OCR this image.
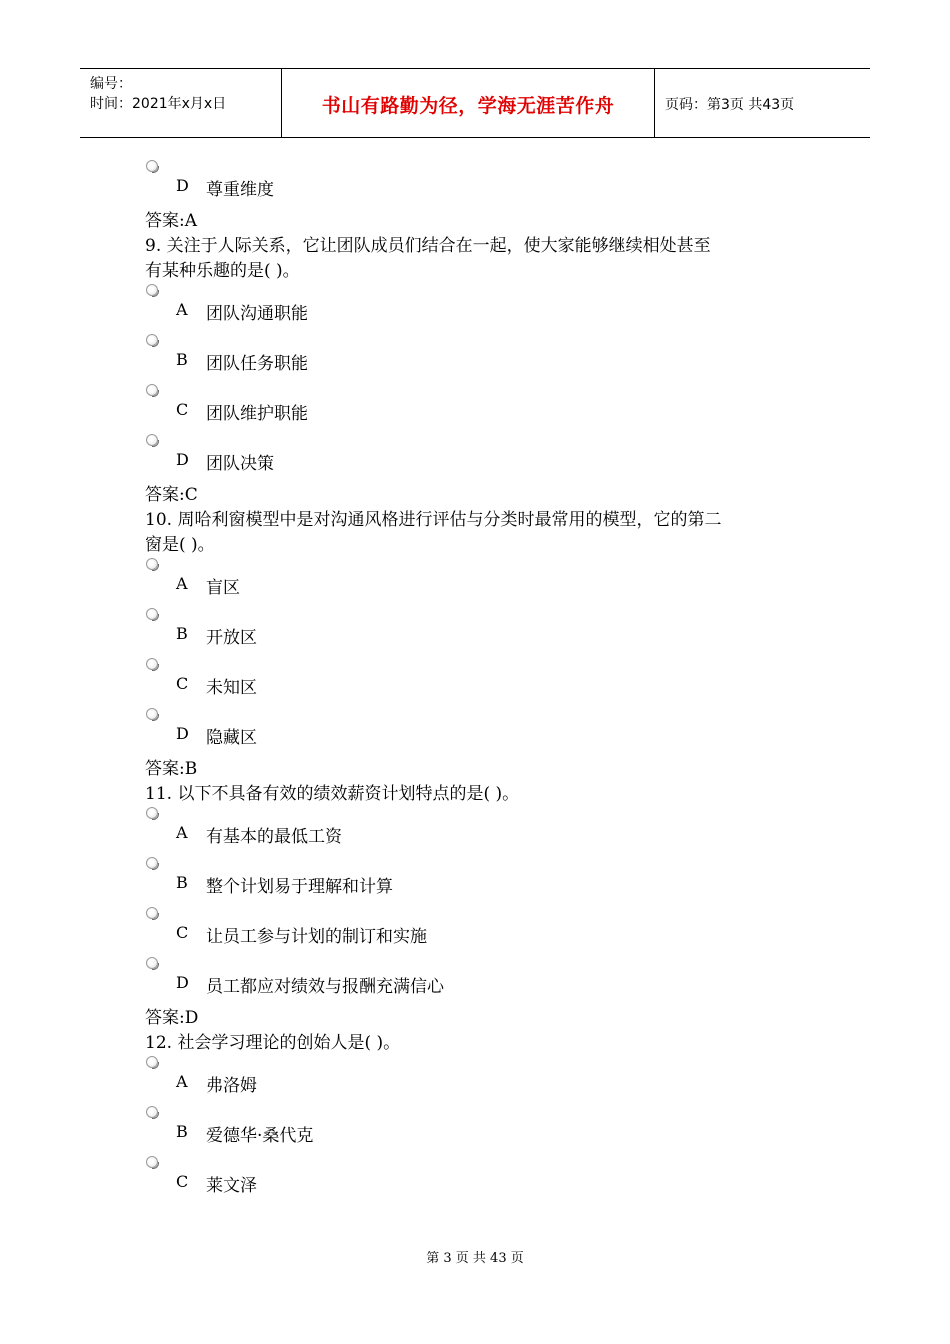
编号：
时间：2021年x月x日	书山有路勤为径，学海无涯苦作舟	页码：第3页 共43页
D 尊重维度
答案:A
9. 关注于人际关系，它让团队成员们结合在一起，使大家能够继续相处甚至
有某种乐趣的是( )。
A 团队沟通职能
B 团队任务职能
C 团队维护职能
D 团队决策
答案:C
10. 周哈利窗模型中是对沟通风格进行评估与分类时最常用的模型，它的第二
窗是( )。
A 盲区
B 开放区
C 未知区
D 隐藏区
答案:B
11. 以下不具备有效的绩效薪资计划特点的是( )。
A 有基本的最低工资
B 整个计划易于理解和计算
C 让员工参与计划的制订和实施
D 员工都应对绩效与报酬充满信心
答案:D
12. 社会学习理论的创始人是( )。
A 弗洛姆
B 爱德华·桑代克
C 莱文泽
第 3 页 共 43 页
